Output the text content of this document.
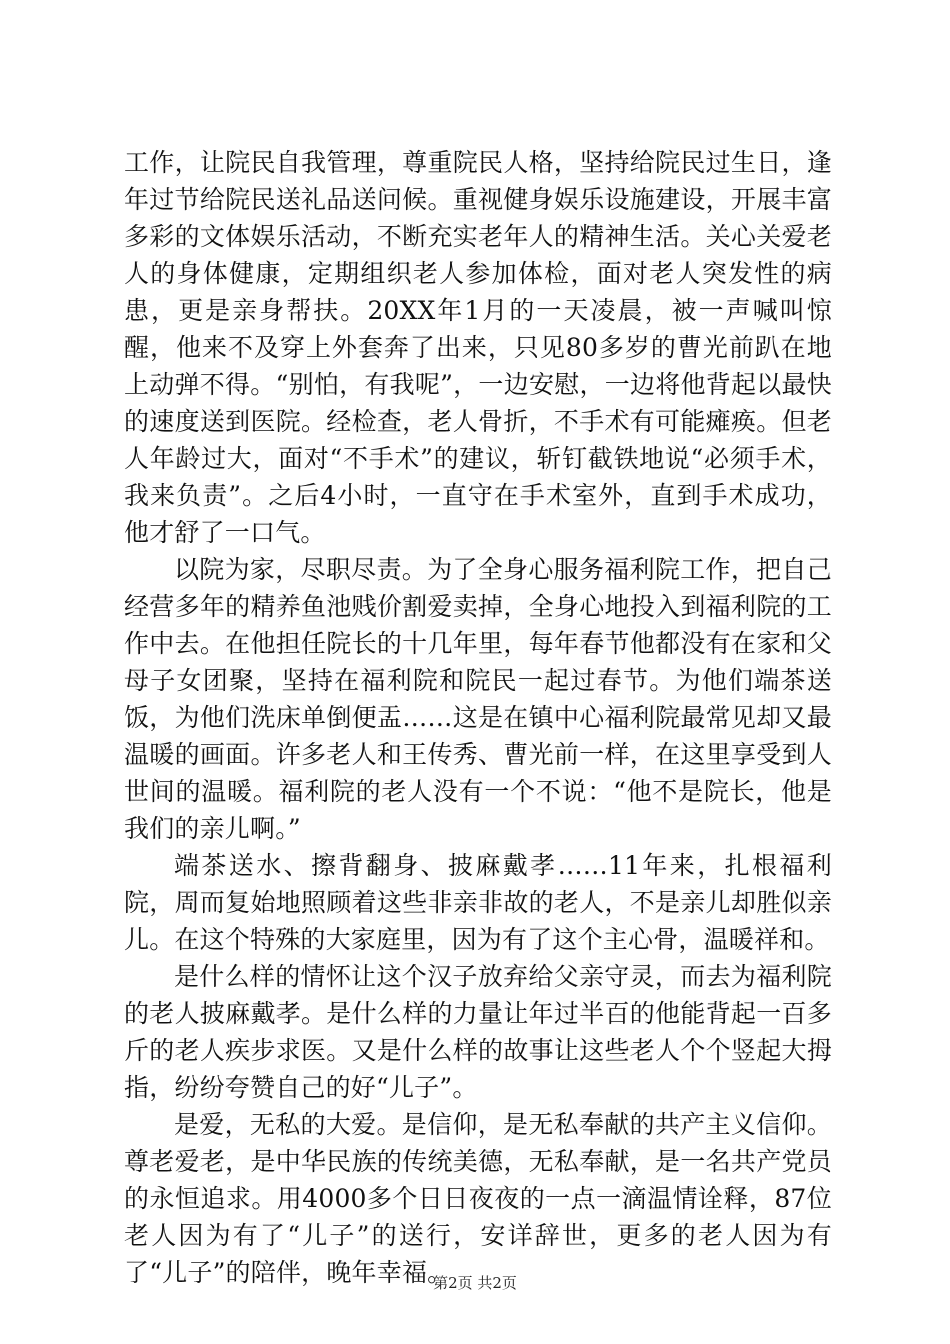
工作，让院民自我管理，尊重院民人格，坚持给院民过生日，逢年过节给院民送礼品送问候。重视健身娱乐设施建设，开展丰富多彩的文体娱乐活动，不断充实老年人的精神生活。关心关爱老人的身体健康，定期组织老人参加体检，面对老人突发性的病患，更是亲身帮扶。20XX年1月的一天凌晨，被一声喊叫惊醒，他来不及穿上外套奔了出来，只见80多岁的曹光前趴在地上动弹不得。“别怕，有我呢”，一边安慰，一边将他背起以最快的速度送到医院。经检查，老人骨折，不手术有可能瘫痪。但老人年龄过大，面对“不手术”的建议，斩钉截铁地说“必须手术，我来负责”。之后4小时，一直守在手术室外，直到手术成功，他才舒了一口气。

以院为家，尽职尽责。为了全身心服务福利院工作，把自己经营多年的精养鱼池贱价割爱卖掉，全身心地投入到福利院的工作中去。在他担任院长的十几年里，每年春节他都没有在家和父母子女团聚，坚持在福利院和院民一起过春节。为他们端茶送饭，为他们洗床单倒便盂……这是在镇中心福利院最常见却又最温暖的画面。许多老人和王传秀、曹光前一样，在这里享受到人世间的温暖。福利院的老人没有一个不说：“他不是院长，他是我们的亲儿啊。”

端茶送水、擦背翻身、披麻戴孝……11年来，扎根福利院，周而复始地照顾着这些非亲非故的老人，不是亲儿却胜似亲儿。在这个特殊的大家庭里，因为有了这个主心骨，温暖祥和。

是什么样的情怀让这个汉子放弃给父亲守灵，而去为福利院的老人披麻戴孝。是什么样的力量让年过半百的他能背起一百多斤的老人疾步求医。又是什么样的故事让这些老人个个竖起大拇指，纷纷夸赞自己的好“儿子”。

是爱，无私的大爱。是信仰，是无私奉献的共产主义信仰。尊老爱老，是中华民族的传统美德，无私奉献，是一名共产党员的永恒追求。用4000多个日日夜夜的一点一滴温情诠释，87位老人因为有了“儿子”的送行，安详辞世，更多的老人因为有了“儿子”的陪伴，晚年幸福。

第2页 共2页
